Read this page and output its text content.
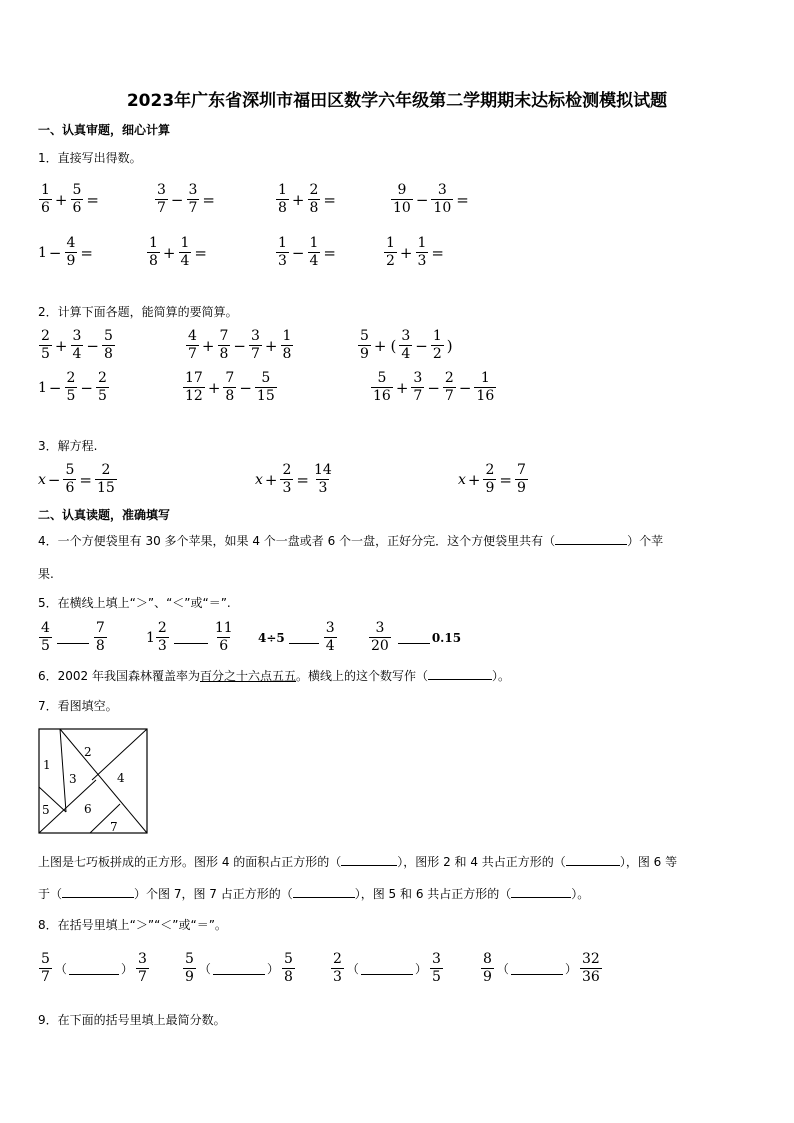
2023年广东省深圳市福田区数学六年级第二学期期末达标检测模拟试题
一、认真审题，细心计算
1．直接写出得数。
$\frac{1}{6} + \frac{5}{6}$ =	$\frac{3}{7} - \frac{3}{7}$ =	$\frac{1}{8} + \frac{2}{8}$ =	$\frac{9}{10} - \frac{3}{10}$ =
$1 - \frac{4}{9}$ =	$\frac{1}{8} + \frac{1}{4}$ =	$\frac{1}{3} - \frac{1}{4}$ =	$\frac{1}{2} + \frac{1}{3}$ =
2．计算下面各题，能简算的要简算。
$\frac{2}{5} + \frac{3}{4} - \frac{5}{8}$	$\frac{4}{7} + \frac{7}{8} - \frac{3}{7} + \frac{1}{8}$	$\frac{5}{9}$ + ( $\frac{3}{4} - \frac{1}{2}$ )
$1 - \frac{2}{5} - \frac{2}{5}$	$\frac{17}{12} + \frac{7}{8} - \frac{5}{15}$	$\frac{5}{16} + \frac{3}{7} - \frac{2}{7} - \frac{1}{16}$
3．解方程.
$x - \frac{5}{6} = \frac{2}{15}$	$x + \frac{2}{3} = \frac{14}{3}$	$x + \frac{2}{9} = \frac{7}{9}$
二、认真读题，准确填写
4．一个方便袋里有 30 多个苹果，如果 4 个一盘或者 6 个一盘，正好分完．这个方便袋里共有（	）个苹
果.
5．在横线上填上“＞”、“＜”或“＝”.
$\frac{4}{5}$	$\frac{7}{8}$	$1 \frac{2}{3}$	$\frac{11}{6} 4\div 5$	$\frac{3}{4} \frac{3}{20}$	0.15
6．2002 年我国森林覆盖率为百分之十六点五五。横线上的这个数写作（	）。
7．看图填空。
2
1
3	4
5	6
7
上图是七巧板拼成的正方形。图形 4 的面积占正方形的（	），图形 2 和 4 共占正方形的（	），图 6 等
于（	）个图 7，图 7 占正方形的（	），图 5 和 6 共占正方形的（	）。
8．在括号里填上“＞”“＜”或“＝”。
$\frac{5}{7}$ （	） $\frac{3}{7} \frac{5}{9}$ （	） $\frac{5}{8}$	$\frac{2}{3}$ （	） $\frac{3}{5}$	$\frac{8}{9}$ （	） $\frac{32}{36}$
9．在下面的括号里填上最简分数。
